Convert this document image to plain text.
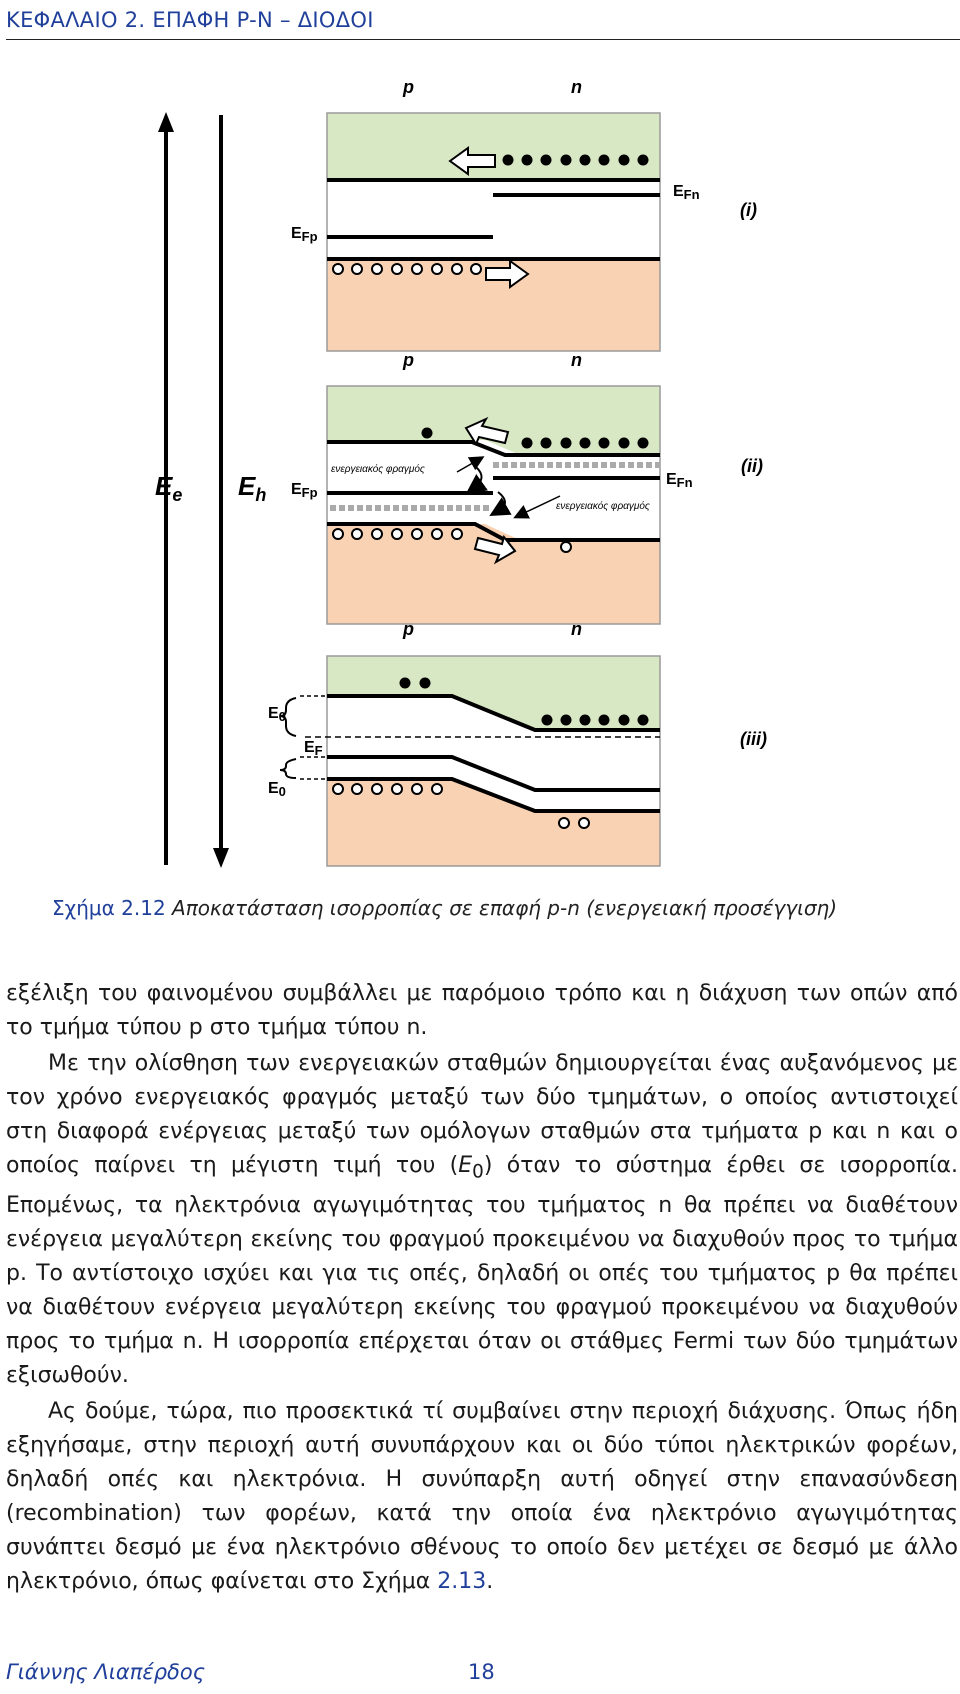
ΚΕΦΑΛΑΙΟ 2. ΕΠΑΦΗ P-N – ΔΙΟΔΟΙ
$E_e$ $E_h$
p	n
EFp
EFn
(i)
p	n
ενεργειακός φραγμός
ενεργειακός φραγμός
EFp
EFn
(ii)
p	n
E0
EF
E0
(iii)
Σχήμα 2.12 Αποκατάσταση ισορροπίας σε επαφή p-n (ενεργειακή προσέγγιση)

εξέλιξη του φαινομένου συμβάλλει με παρόμοιο τρόπο και η διάχυση των οπών από το τμήμα τύπου p στο τμήμα τύπου n.

Με την ολίσθηση των ενεργειακών σταθμών δημιουργείται ένας αυξανόμενος με τον χρόνο ενεργειακός φραγμός μεταξύ των δύο τμημάτων, ο οποίος αντιστοιχεί στη διαφορά ενέργειας μεταξύ των ομόλογων σταθμών στα τμήματα p και n και ο οποίος παίρνει τη μέγιστη τιμή του $(E_0)$ όταν το σύστημα έρθει σε ισορροπία. Επομένως, τα ηλεκτρόνια αγωγιμότητας του τμήματος n θα πρέπει να διαθέτουν ενέργεια μεγαλύτερη εκείνης του φραγμού προκειμένου να διαχυθούν προς το τμήμα p. Το αντίστοιχο ισχύει και για τις οπές, δηλαδή οι οπές του τμήματος p θα πρέπει να διαθέτουν ενέργεια μεγαλύτερη εκείνης του φραγμού προκειμένου να διαχυθούν προς το τμήμα n. Η ισορροπία επέρχεται όταν οι στάθμες Fermi των δύο τμημάτων εξισωθούν.

Ας δούμε, τώρα, πιο προσεκτικά τί συμβαίνει στην περιοχή διάχυσης. Όπως ήδη εξηγήσαμε, στην περιοχή αυτή συνυπάρχουν και οι δύο τύποι ηλεκτρικών φορέων, δηλαδή οπές και ηλεκτρόνια. Η συνύπαρξη αυτή οδηγεί στην επανασύνδεση (recombination) των φορέων, κατά την οποία ένα ηλεκτρόνιο αγωγιμότητας συνάπτει δεσμό με ένα ηλεκτρόνιο σθένους το οποίο δεν μετέχει σε δεσμό με άλλο ηλεκτρόνιο, όπως φαίνεται στο Σχήμα 2.13.

Γιάννης Λιαπέρδος	18
